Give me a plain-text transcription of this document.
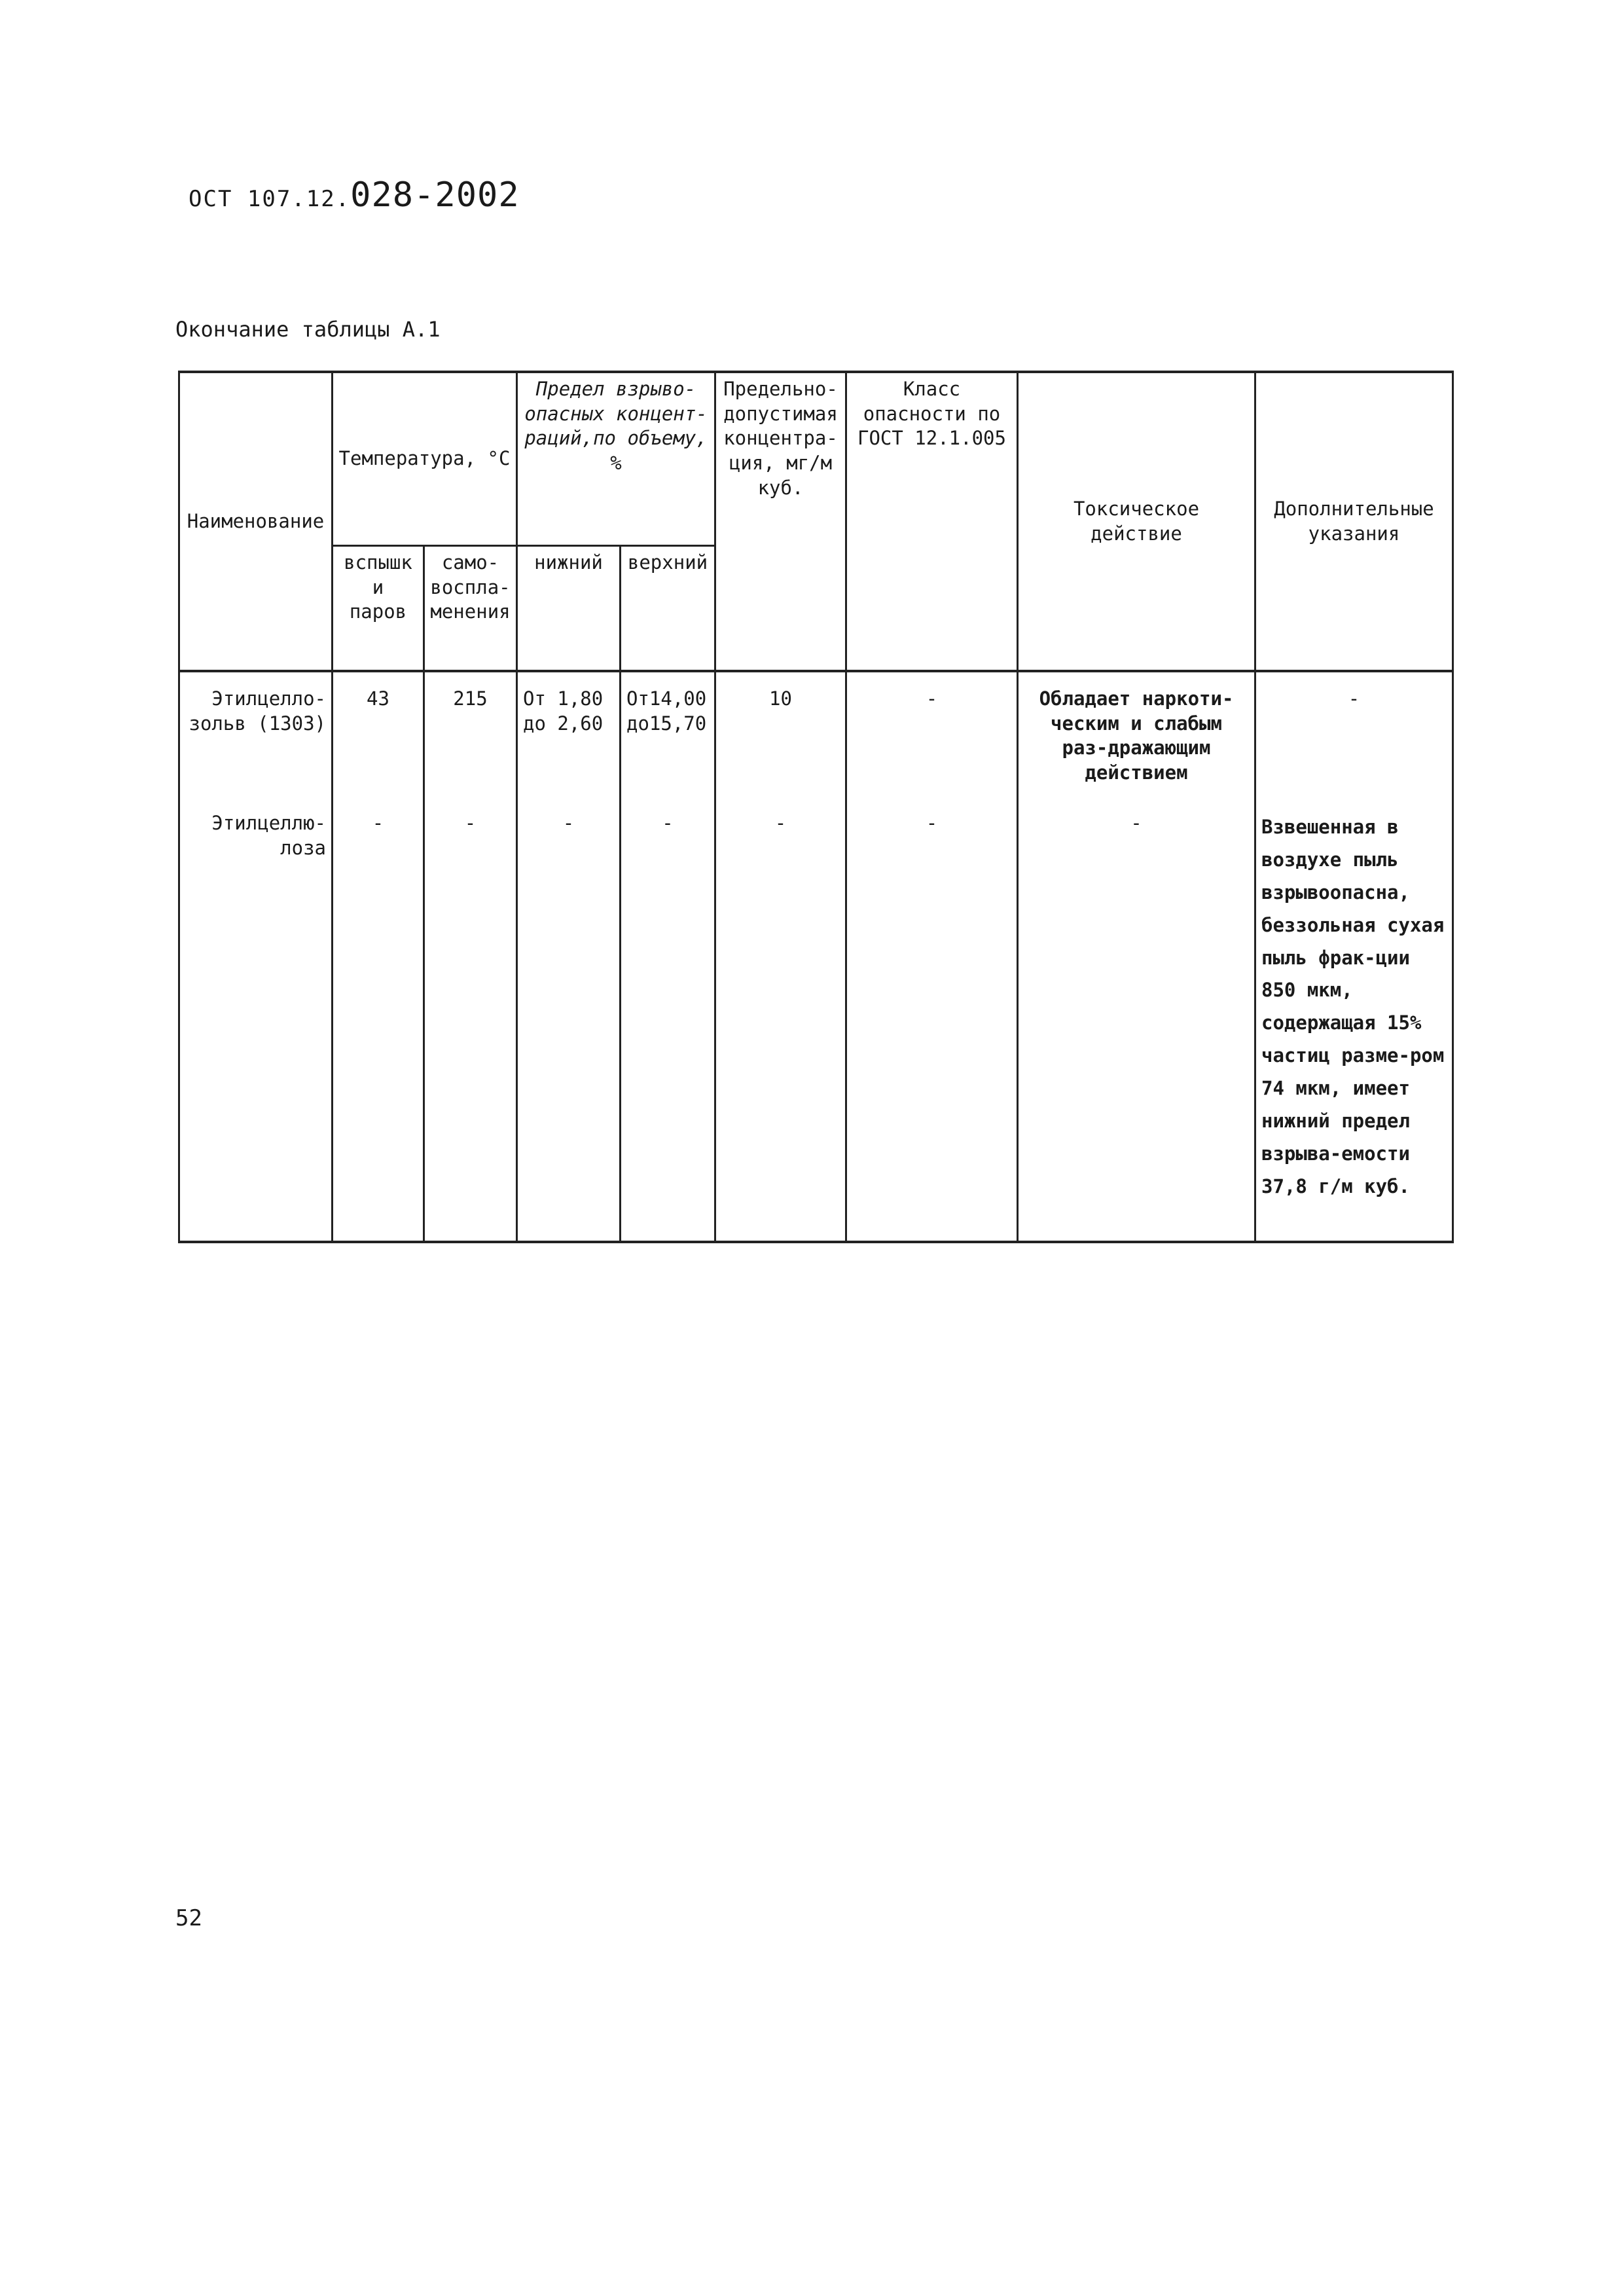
ОСТ 107.12.028-2002
Окончание таблицы А.1
Наименование	Температура, °С		Предел взрыво-опасных концент-раций,по объему, %		Предельно-допустимая концентра-ция, мг/м куб.	Класс опасности по ГОСТ 12.1.005	Токсическое действие	Дополнительные указания
	вспышки паров	само-воспла-менения	нижний	верхний				
Этилцелло-зольв (1303)	43	215	От 1,80 до 2,60	От14,00 до15,70	10	-	Обладает наркоти-ческим и слабым раз-дражающим действием	-
Этилцеллю-лоза	-	-	-	-	-	-	-	Взвешенная в воздухе пыль взрывоопасна, беззольная сухая пыль фрак-ции 850 мкм, содержащая 15% частиц разме-ром 74 мкм, имеет нижний предел взрыва-емости 37,8 г/м куб.
52
